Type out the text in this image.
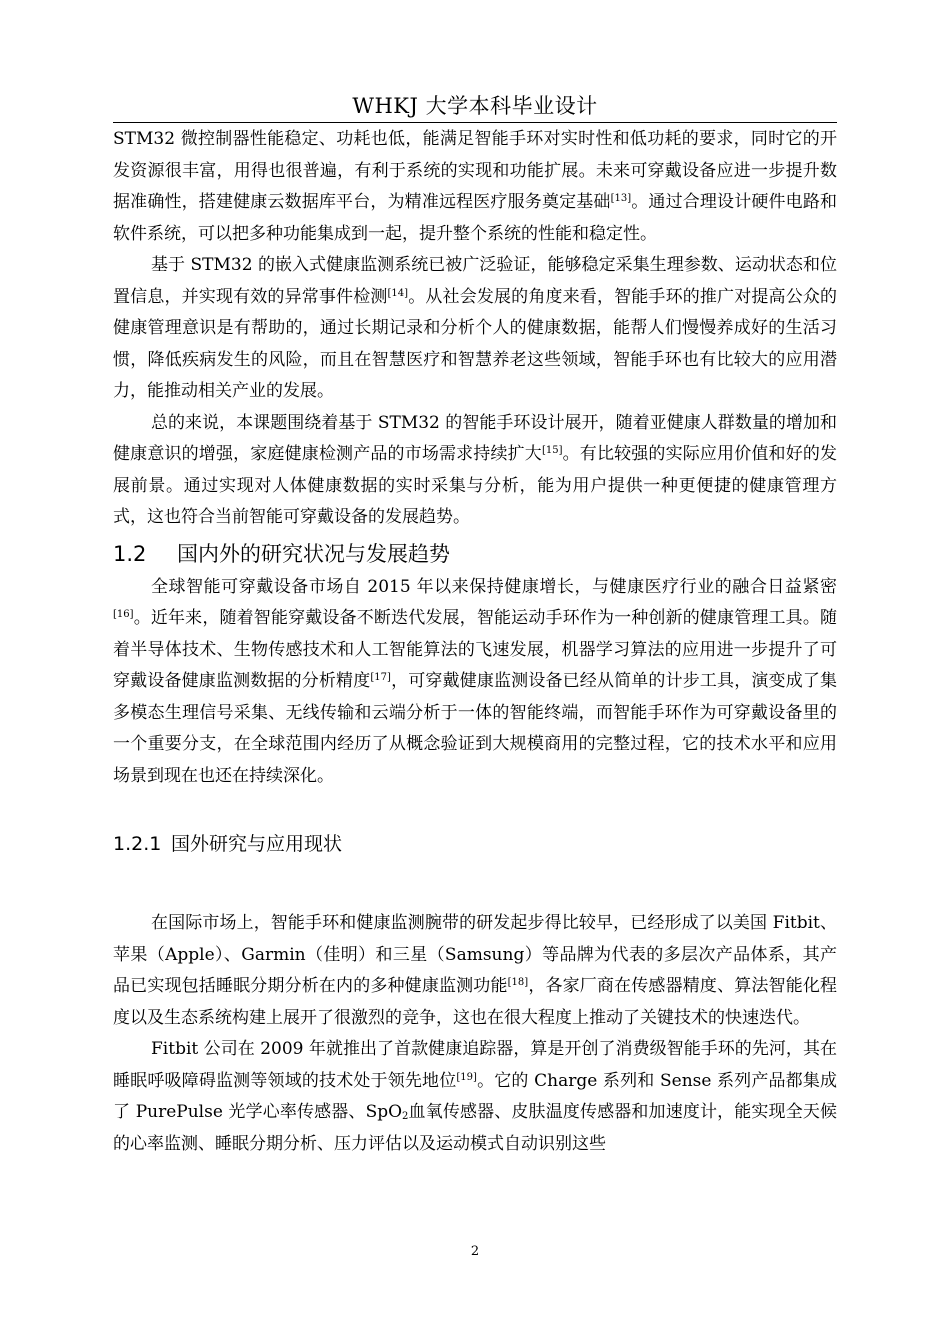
WHKJ 大学本科毕业设计

STM32 微控制器性能稳定、功耗也低，能满足智能手环对实时性和低功耗的要求，同时它的开发资源很丰富，用得也很普遍，有利于系统的实现和功能扩展。未来可穿戴设备应进一步提升数据准确性，搭建健康云数据库平台，为精准远程医疗服务奠定基础[13]。通过合理设计硬件电路和软件系统，可以把多种功能集成到一起，提升整个系统的性能和稳定性。

基于 STM32 的嵌入式健康监测系统已被广泛验证，能够稳定采集生理参数、运动状态和位置信息，并实现有效的异常事件检测[14]。从社会发展的角度来看，智能手环的推广对提高公众的健康管理意识是有帮助的，通过长期记录和分析个人的健康数据，能帮人们慢慢养成好的生活习惯，降低疾病发生的风险，而且在智慧医疗和智慧养老这些领域，智能手环也有比较大的应用潜力，能推动相关产业的发展。

总的来说，本课题围绕着基于 STM32 的智能手环设计展开，随着亚健康人群数量的增加和健康意识的增强，家庭健康检测产品的市场需求持续扩大[15]。有比较强的实际应用价值和好的发展前景。通过实现对人体健康数据的实时采集与分析，能为用户提供一种更便捷的健康管理方式，这也符合当前智能可穿戴设备的发展趋势。

1.2 国内外的研究状况与发展趋势

全球智能可穿戴设备市场自 2015 年以来保持健康增长，与健康医疗行业的融合日益紧密[16]。近年来，随着智能穿戴设备不断迭代发展，智能运动手环作为一种创新的健康管理工具。随着半导体技术、生物传感技术和人工智能算法的飞速发展，机器学习算法的应用进一步提升了可穿戴设备健康监测数据的分析精度[17]，可穿戴健康监测设备已经从简单的计步工具，演变成了集多模态生理信号采集、无线传输和云端分析于一体的智能终端，而智能手环作为可穿戴设备里的一个重要分支，在全球范围内经历了从概念验证到大规模商用的完整过程，它的技术水平和应用场景到现在也还在持续深化。

1.2.1 国外研究与应用现状

在国际市场上，智能手环和健康监测腕带的研发起步得比较早，已经形成了以美国 Fitbit、苹果（Apple）、Garmin（佳明）和三星（Samsung）等品牌为代表的多层次产品体系，其产品已实现包括睡眠分期分析在内的多种健康监测功能[18]，各家厂商在传感器精度、算法智能化程度以及生态系统构建上展开了很激烈的竞争，这也在很大程度上推动了关键技术的快速迭代。

Fitbit 公司在 2009 年就推出了首款健康追踪器，算是开创了消费级智能手环的先河，其在睡眠呼吸障碍监测等领域的技术处于领先地位[19]。它的 Charge 系列和 Sense 系列产品都集成了 PurePulse 光学心率传感器、SpO$_2$血氧传感器、皮肤温度传感器和加速度计，能实现全天候的心率监测、睡眠分期分析、压力评估以及运动模式自动识别这些

2
